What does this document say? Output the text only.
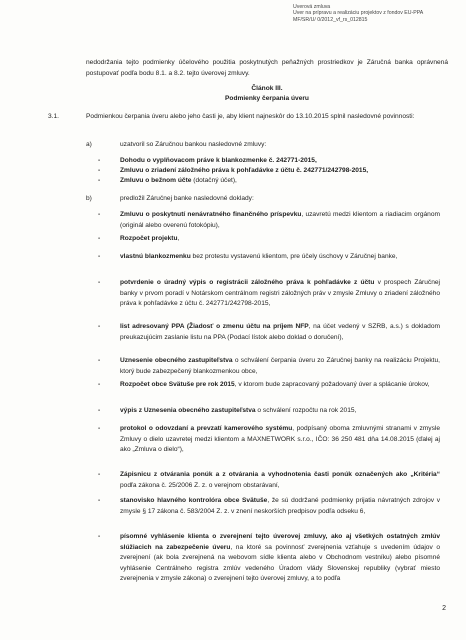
Úverová zmluva
Úver na prípravu a realizáciu projektov z fondov EÚ-PPA
MF/SR/Ú/ 0/2012_vf_rs_012815
nedodržania tejto podmienky účelového použitia poskytnutých peňažných prostriedkov je Záručná banka oprávnená postupovať podľa bodu 8.1. a 8.2. tejto úverovej zmluvy.
Článok III.
Podmienky čerpania úveru
3.1.	Podmienkou čerpania úveru alebo jeho časti je, aby klient najneskôr do 13.10.2015 splnil nasledovné povinnosti:
a)	uzatvoril so Záručnou bankou nasledovné zmluvy:
-	Dohodu o vyplňovacom práve k blankozmenke č. 242771-2015,
-	Zmluvu o zriadení záložného práva k pohľadávke z účtu č. 242771/242798-2015,
-	Zmluvu o bežnom účte (dotačný účet),
b)	predložil Záručnej banke nasledovné doklady:
-	Zmluvu o poskytnutí nenávratného finančného príspevku, uzavretú medzi klientom a riadiacim orgánom (originál alebo overenú fotokópiu),
-	Rozpočet projektu,
-	vlastnú blankozmenku bez protestu vystavenú klientom, pre účely úschovy v Záručnej banke,
-	potvrdenie o úradný výpis o registrácii záložného práva k pohľadávke z účtu v prospech Záručnej banky v prvom poradí v Notárskom centrálnom registri záložných práv v zmysle Zmluvy o zriadení záložného práva k pohľadávke z účtu č. 242771/242798-2015,
-	list adresovaný PPA (Žiadosť o zmenu účtu na príjem NFP, na účet vedený v SZRB, a.s.) s dokladom preukazujúcim zaslanie listu na PPA (Podací lístok alebo doklad o doručení),
-	Uznesenie obecného zastupiteľstva o schválení čerpania úveru zo Záručnej banky na realizáciu Projektu, ktorý bude zabezpečený blankozmenkou obce,
-	Rozpočet obce Svätuše pre rok 2015, v ktorom bude zapracovaný požadovaný úver a splácanie úrokov,
-	výpis z Uznesenia obecného zastupiteľstva o schválení rozpočtu na rok 2015,
-	protokol o odovzdaní a prevzatí kamerového systému, podpísaný oboma zmluvnými stranami v zmysle Zmluvy o dielo uzavretej medzi klientom a MAXNETWORK s.r.o., IČO: 36 250 481 dňa 14.08.2015 (ďalej aj ako „Zmluva o dielo“),
-	Zápisnicu z otvárania ponúk a z otvárania a vyhodnotenia časti ponúk označených ako „Kritéria“ podľa zákona č. 25/2006 Z. z. o verejnom obstarávaní,
-	stanovisko hlavného kontrolóra obce Svätuše, že sú dodržané podmienky prijatia návratných zdrojov v zmysle § 17 zákona č. 583/2004 Z. z. v znení neskorších predpisov podľa odseku 6,
-	písomné vyhlásenie klienta o zverejnení tejto úverovej zmluvy, ako aj všetkých ostatných zmlúv slúžiacich na zabezpečenie úveru, na ktoré sa povinnosť zverejnenia vzťahuje s uvedením údajov o zverejnení (ak bola zverejnená na webovom sídle klienta alebo v Obchodnom vestníku) alebo písomné vyhlásenie Centrálneho registra zmlúv vedeného Úradom vlády Slovenskej republiky (vybrať miesto zverejnenia v zmysle zákona) o zverejnení tejto úverovej zmluvy, a to podľa
2
